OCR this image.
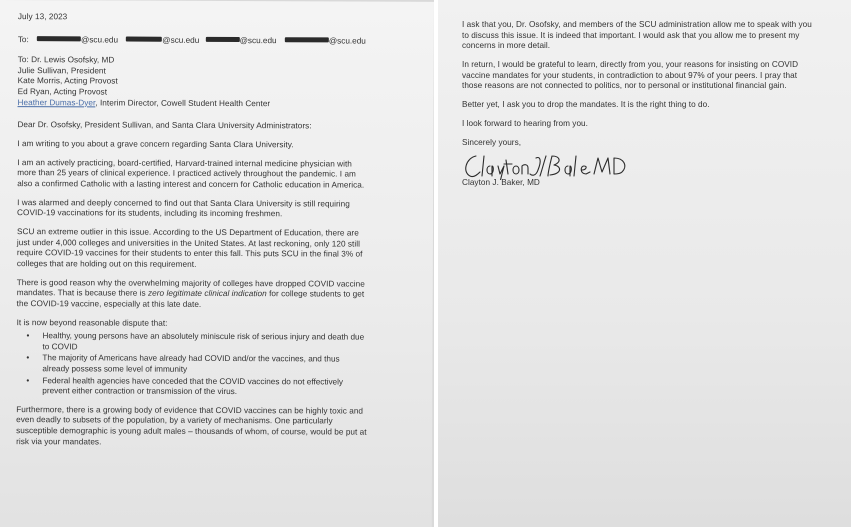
July 13, 2023

To:	@scu.edu	@scu.edu	@scu.edu	@scu.edu

To: Dr. Lewis Osofsky, MD

Julie Sullivan, President

Kate Morris, Acting Provost

Ed Ryan, Acting Provost

Heather Dumas-Dyer, Interim Director, Cowell Student Health Center

Dear Dr. Osofsky, President Sullivan, and Santa Clara University Administrators:

I am writing to you about a grave concern regarding Santa Clara University.

I am an actively practicing, board-certified, Harvard-trained internal medicine physician with

more than 25 years of clinical experience. I practiced actively throughout the pandemic. I am

also a confirmed Catholic with a lasting interest and concern for Catholic education in America.

I was alarmed and deeply concerned to find out that Santa Clara University is still requiring

COVID-19 vaccinations for its students, including its incoming freshmen.

SCU an extreme outlier in this issue. According to the US Department of Education, there are

just under 4,000 colleges and universities in the United States. At last reckoning, only 120 still

require COVID-19 vaccines for their students to enter this fall. This puts SCU in the final 3% of

colleges that are holding out on this requirement.

There is good reason why the overwhelming majority of colleges have dropped COVID vaccine

mandates. That is because there is zero legitimate clinical indication for college students to get

the COVID-19 vaccine, especially at this late date.

It is now beyond reasonable dispute that:

• Healthy, young persons have an absolutely miniscule risk of serious injury and death due
to COVID
• The majority of Americans have already had COVID and/or the vaccines, and thus
already possess some level of immunity
• Federal health agencies have conceded that the COVID vaccines do not effectively
prevent either contraction or transmission of the virus.

Furthermore, there is a growing body of evidence that COVID vaccines can be highly toxic and

even deadly to subsets of the population, by a variety of mechanisms. One particularly

susceptible demographic is young adult males – thousands of whom, of course, would be put at

risk via your mandates.

I ask that you, Dr. Osofsky, and members of the SCU administration allow me to speak with you

to discuss this issue. It is indeed that important. I would ask that you allow me to present my

concerns in more detail.

In return, I would be grateful to learn, directly from you, your reasons for insisting on COVID

vaccine mandates for your students, in contradiction to about 97% of your peers. I pray that

those reasons are not connected to politics, nor to personal or institutional financial gain.

Better yet, I ask you to drop the mandates. It is the right thing to do.

I look forward to hearing from you.

Sincerely yours,

Clayton J. Baker, MD
